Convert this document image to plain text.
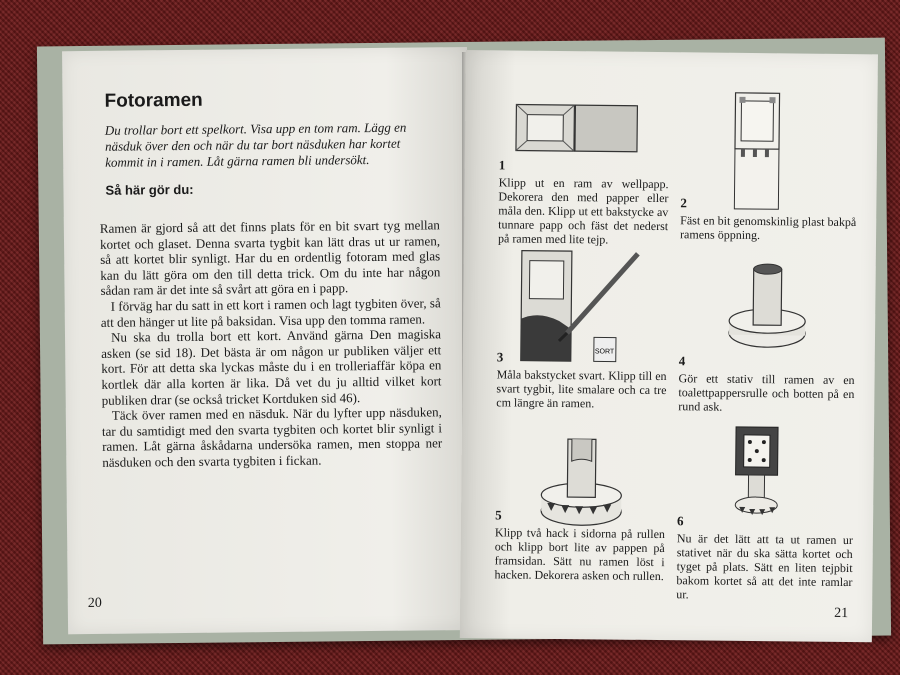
Fotoramen
Du trollar bort ett spelkort. Visa upp en tom ram. Lägg en näsduk över den och när du tar bort näsduken har kortet kommit in i ramen. Låt gärna ramen bli undersökt.
Så här gör du:

Ramen är gjord så att det finns plats för en bit svart tyg mellan kortet och glaset. Denna svarta tygbit kan lätt dras ut ur ramen, så att kortet blir synligt. Har du en ordentlig fotoram med glas kan du lätt göra om den till detta trick. Om du inte har någon sådan ram är det inte så svårt att göra en i papp.

I förväg har du satt in ett kort i ramen och lagt tygbiten över, så att den hänger ut lite på baksidan. Visa upp den tomma ramen.

Nu ska du trolla bort ett kort. Använd gärna Den magiska asken (se sid 18). Det bästa är om någon ur publiken väljer ett kort. För att detta ska lyckas måste du i en trolleriaffär köpa en kortlek där alla korten är lika. Då vet du ju alltid vilket kort publiken drar (se också tricket Kortduken sid 46).

Täck över ramen med en näsduk. När du lyfter upp näsduken, tar du samtidigt med den svarta tygbiten och kortet blir synligt i ramen. Låt gärna åskådarna undersöka ramen, men stoppa ner näsduken och den svarta tygbiten i fickan.

20
1
Klipp ut en ram av wellpapp. Dekorera den med papper eller måla den. Klipp ut ett bakstycke av tunnare papp och fäst det nederst på ramen med lite tejp.
2
Fäst en bit genomskinlig plast bakpå ramens öppning.
SORT
3
Måla bakstycket svart. Klipp till en svart tygbit, lite smalare och ca tre cm längre än ramen.
4
Gör ett stativ till ramen av en toalettpappersrulle och botten på en rund ask.
5
Klipp två hack i sidorna på rullen och klipp bort lite av pappen på framsidan. Sätt nu ramen löst i hacken. Dekorera asken och rullen.
6
Nu är det lätt att ta ut ramen ur stativet när du ska sätta kortet och tyget på plats. Sätt en liten tejpbit bakom kortet så att det inte ramlar ur.
21
